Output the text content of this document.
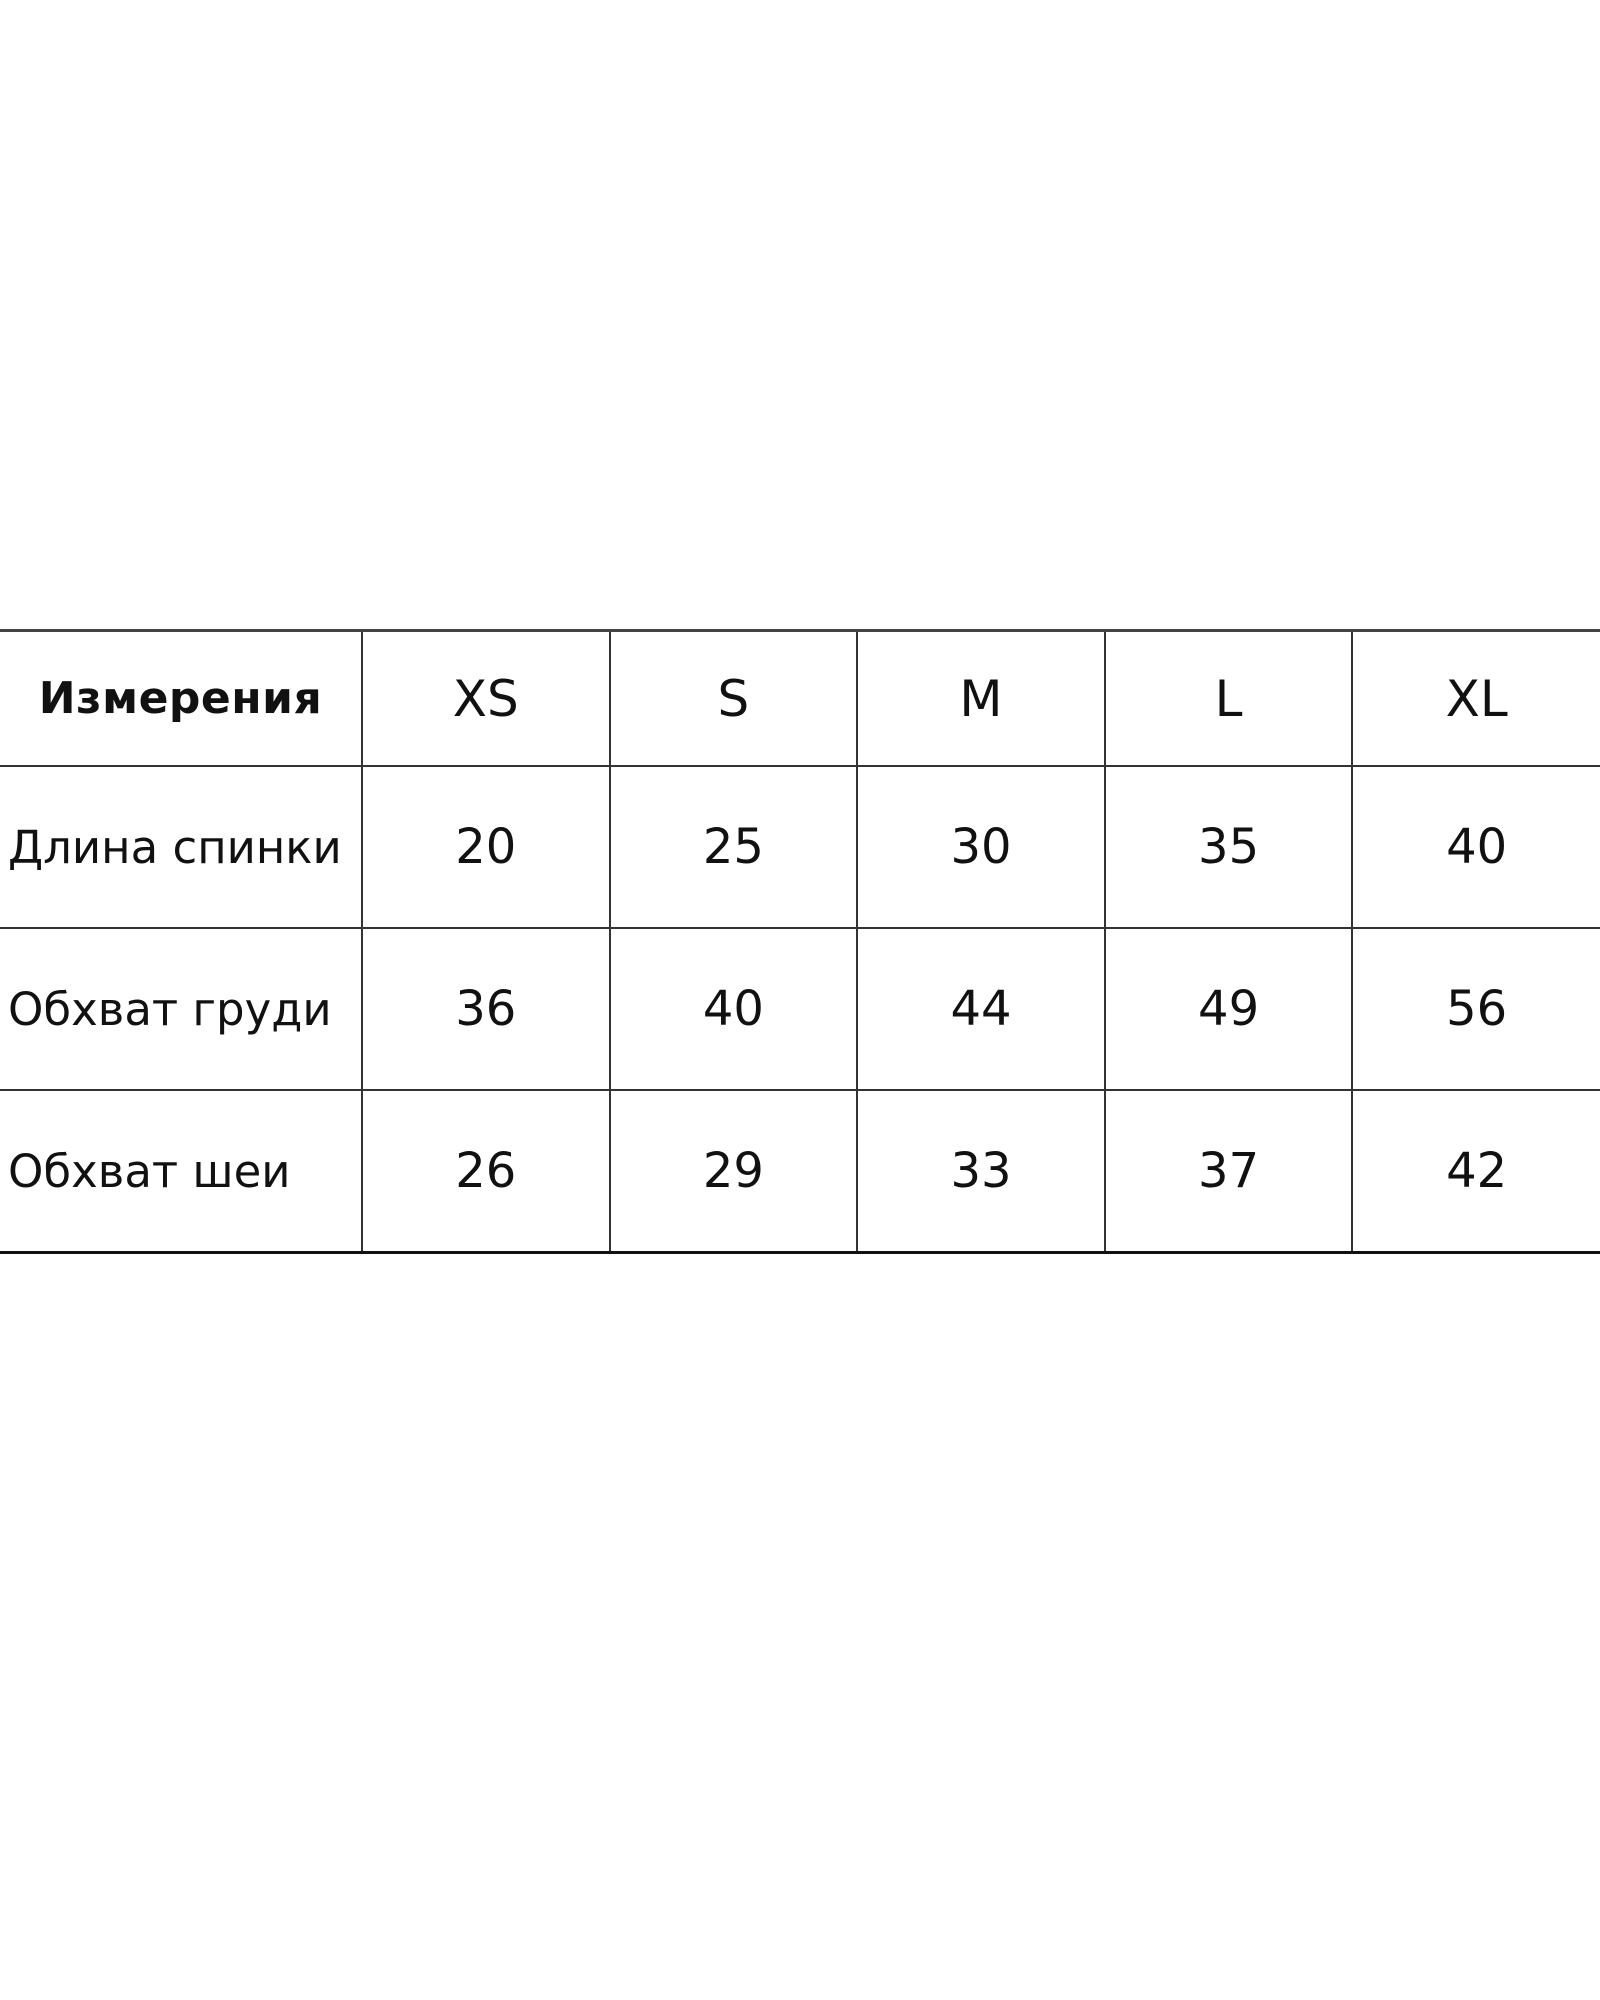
Измерения	XS	S	M	L	XL
Длина спинки	20	25	30	35	40
Обхват груди	36	40	44	49	56
Обхват шеи	26	29	33	37	42
